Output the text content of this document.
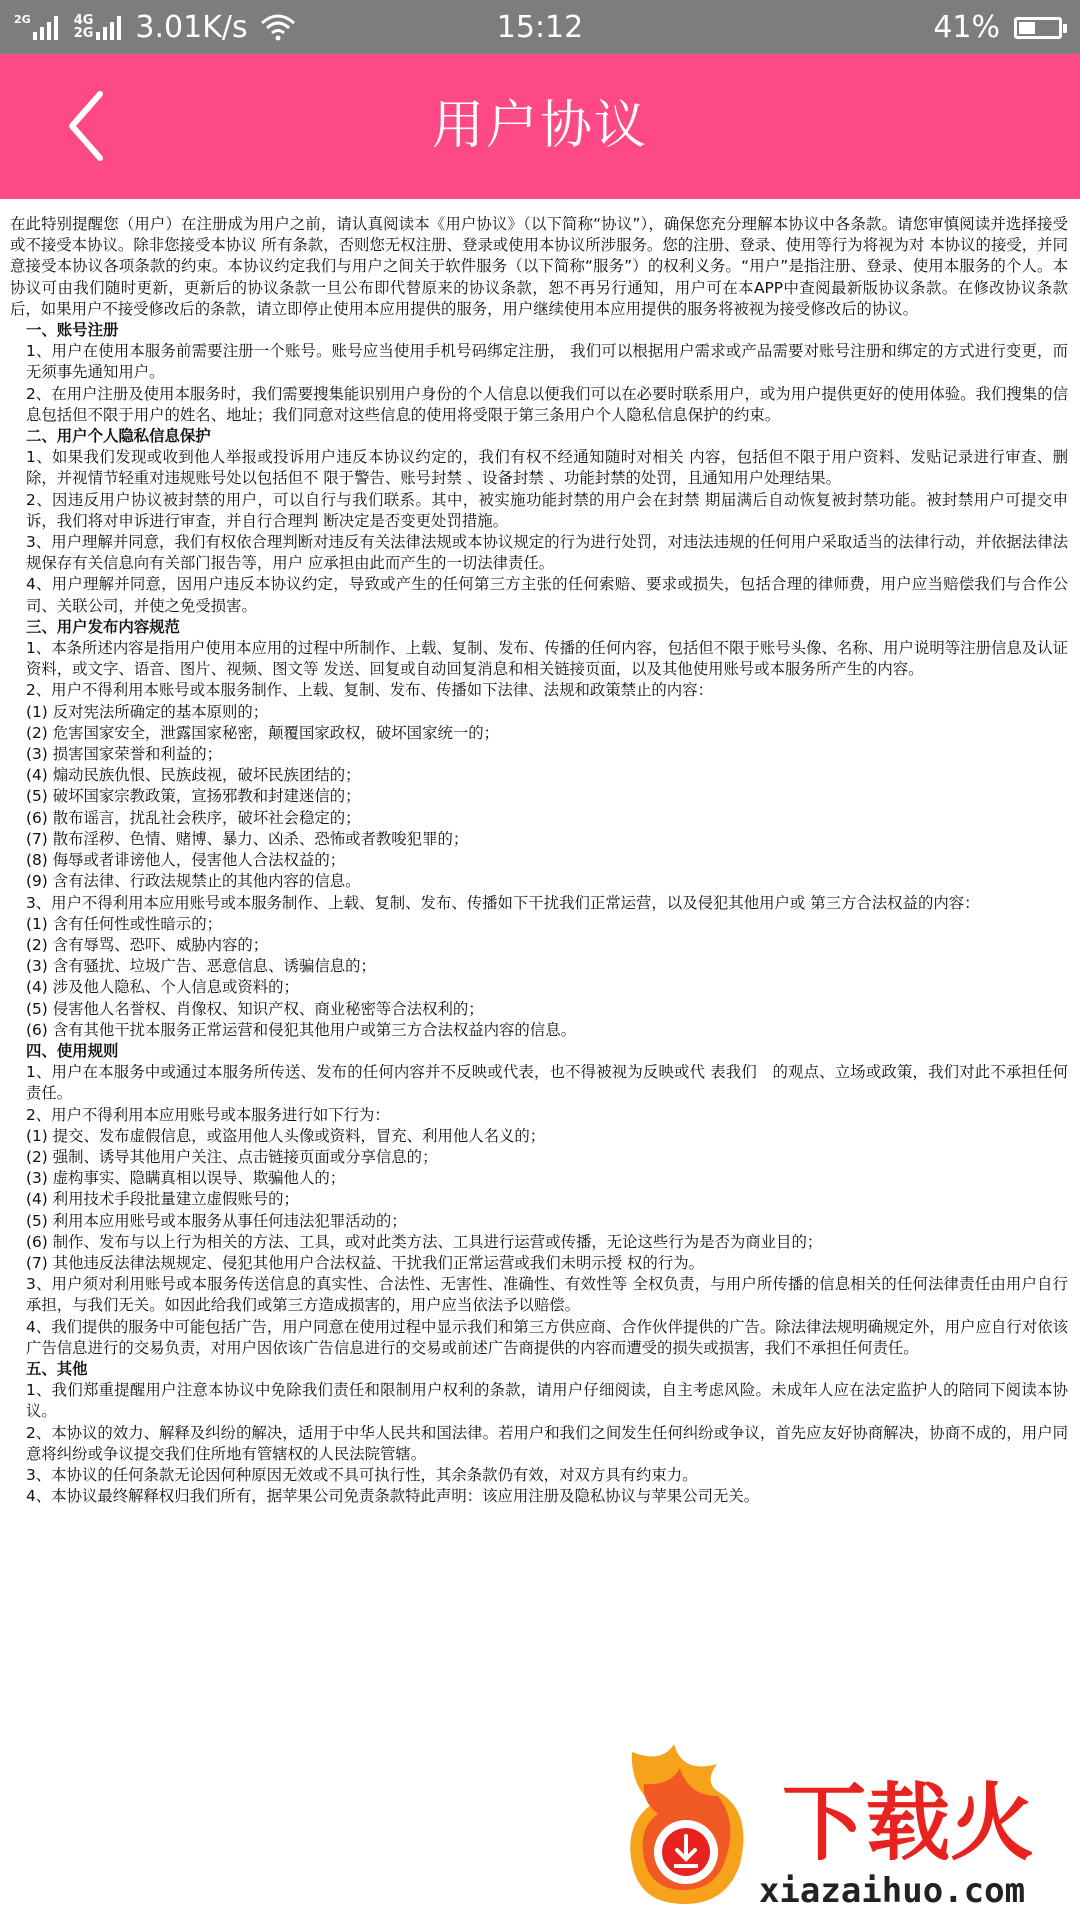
2G	4G
2G 3.01K/s	15:12	41%
用户协议
在此特别提醒您（用户）在注册成为用户之前，请认真阅读本《用户协议》（以下简称“协议”），确保您充分理解本协议中各条款。请您审慎阅读并选择接受或不接受本协议。除非您接受本协议 所有条款，否则您无权注册、登录或使用本协议所涉服务。您的注册、登录、使用等行为将视为对 本协议的接受，并同意接受本协议各项条款的约束。本协议约定我们与用户之间关于软件服务（以下简称“服务”）的权利义务。“用户”是指注册、登录、使用本服务的个人。本协议可由我们随时更新，更新后的协议条款一旦公布即代替原来的协议条款，恕不再另行通知，用户可在本APP中查阅最新版协议条款。在修改协议条款后，如果用户不接受修改后的条款，请立即停止使用本应用提供的服务，用户继续使用本应用提供的服务将被视为接受修改后的协议。
一、账号注册
1、用户在使用本服务前需要注册一个账号。账号应当使用手机号码绑定注册， 我们可以根据用户需求或产品需要对账号注册和绑定的方式进行变更，而无须事先通知用户。
2、在用户注册及使用本服务时，我们需要搜集能识别用户身份的个人信息以便我们可以在必要时联系用户，或为用户提供更好的使用体验。我们搜集的信息包括但不限于用户的姓名、地址；我们同意对这些信息的使用将受限于第三条用户个人隐私信息保护的约束。
二、用户个人隐私信息保护
1、如果我们发现或收到他人举报或投诉用户违反本协议约定的，我们有权不经通知随时对相关 内容，包括但不限于用户资料、发贴记录进行审查、删除，并视情节轻重对违规账号处以包括但不 限于警告、账号封禁 、设备封禁 、功能封禁的处罚，且通知用户处理结果。
2、因违反用户协议被封禁的用户，可以自行与我们联系。其中，被实施功能封禁的用户会在封禁 期届满后自动恢复被封禁功能。被封禁用户可提交申诉，我们将对申诉进行审查，并自行合理判 断决定是否变更处罚措施。
3、用户理解并同意，我们有权依合理判断对违反有关法律法规或本协议规定的行为进行处罚，对违法违规的任何用户采取适当的法律行动，并依据法律法规保存有关信息向有关部门报告等，用户 应承担由此而产生的一切法律责任。
4、用户理解并同意，因用户违反本协议约定，导致或产生的任何第三方主张的任何索赔、要求或损失，包括合理的律师费，用户应当赔偿我们与合作公司、关联公司，并使之免受损害。
三、用户发布内容规范
1、本条所述内容是指用户使用本应用的过程中所制作、上载、复制、发布、传播的任何内容，包括但不限于账号头像、名称、用户说明等注册信息及认证资料，或文字、语音、图片、视频、图文等 发送、回复或自动回复消息和相关链接页面，以及其他使用账号或本服务所产生的内容。
2、用户不得利用本账号或本服务制作、上载、复制、发布、传播如下法律、法规和政策禁止的内容：
(1) 反对宪法所确定的基本原则的；
(2) 危害国家安全，泄露国家秘密，颠覆国家政权，破坏国家统一的；
(3) 损害国家荣誉和利益的；
(4) 煽动民族仇恨、民族歧视，破坏民族团结的；
(5) 破坏国家宗教政策，宣扬邪教和封建迷信的；
(6) 散布谣言，扰乱社会秩序，破坏社会稳定的；
(7) 散布淫秽、色情、赌博、暴力、凶杀、恐怖或者教唆犯罪的；
(8) 侮辱或者诽谤他人，侵害他人合法权益的；
(9) 含有法律、行政法规禁止的其他内容的信息。
3、用户不得利用本应用账号或本服务制作、上载、复制、发布、传播如下干扰我们正常运营，以及侵犯其他用户或 第三方合法权益的内容：
(1) 含有任何性或性暗示的；
(2) 含有辱骂、恐吓、威胁内容的；
(3) 含有骚扰、垃圾广告、恶意信息、诱骗信息的；
(4) 涉及他人隐私、个人信息或资料的；
(5) 侵害他人名誉权、肖像权、知识产权、商业秘密等合法权利的；
(6) 含有其他干扰本服务正常运营和侵犯其他用户或第三方合法权益内容的信息。
四、使用规则
1、用户在本服务中或通过本服务所传送、发布的任何内容并不反映或代表，也不得被视为反映或代 表我们　的观点、立场或政策，我们对此不承担任何责任。
2、用户不得利用本应用账号或本服务进行如下行为：
(1) 提交、发布虚假信息，或盗用他人头像或资料，冒充、利用他人名义的；
(2) 强制、诱导其他用户关注、点击链接页面或分享信息的；
(3) 虚构事实、隐瞒真相以误导、欺骗他人的；
(4) 利用技术手段批量建立虚假账号的；
(5) 利用本应用账号或本服务从事任何违法犯罪活动的；
(6) 制作、发布与以上行为相关的方法、工具，或对此类方法、工具进行运营或传播，无论这些行为是否为商业目的；
(7) 其他违反法律法规规定、侵犯其他用户合法权益、干扰我们正常运营或我们未明示授 权的行为。
3、用户须对利用账号或本服务传送信息的真实性、合法性、无害性、准确性、有效性等 全权负责，与用户所传播的信息相关的任何法律责任由用户自行承担，与我们无关。如因此给我们或第三方造成损害的，用户应当依法予以赔偿。
4、我们提供的服务中可能包括广告，用户同意在使用过程中显示我们和第三方供应商、合作伙伴提供的广告。除法律法规明确规定外，用户应自行对依该广告信息进行的交易负责，对用户因依该广告信息进行的交易或前述广告商提供的内容而遭受的损失或损害，我们不承担任何责任。
五、其他
1、我们郑重提醒用户注意本协议中免除我们责任和限制用户权利的条款，请用户仔细阅读，自主考虑风险。未成年人应在法定监护人的陪同下阅读本协议。
2、本协议的效力、解释及纠纷的解决，适用于中华人民共和国法律。若用户和我们之间发生任何纠纷或争议，首先应友好协商解决，协商不成的，用户同意将纠纷或争议提交我们住所地有管辖权的人民法院管辖。
3、本协议的任何条款无论因何种原因无效或不具可执行性，其余条款仍有效，对双方具有约束力。
4、本协议最终解释权归我们所有，据苹果公司免责条款特此声明：该应用注册及隐私协议与苹果公司无关。
下载火
xiazaihuo.com
